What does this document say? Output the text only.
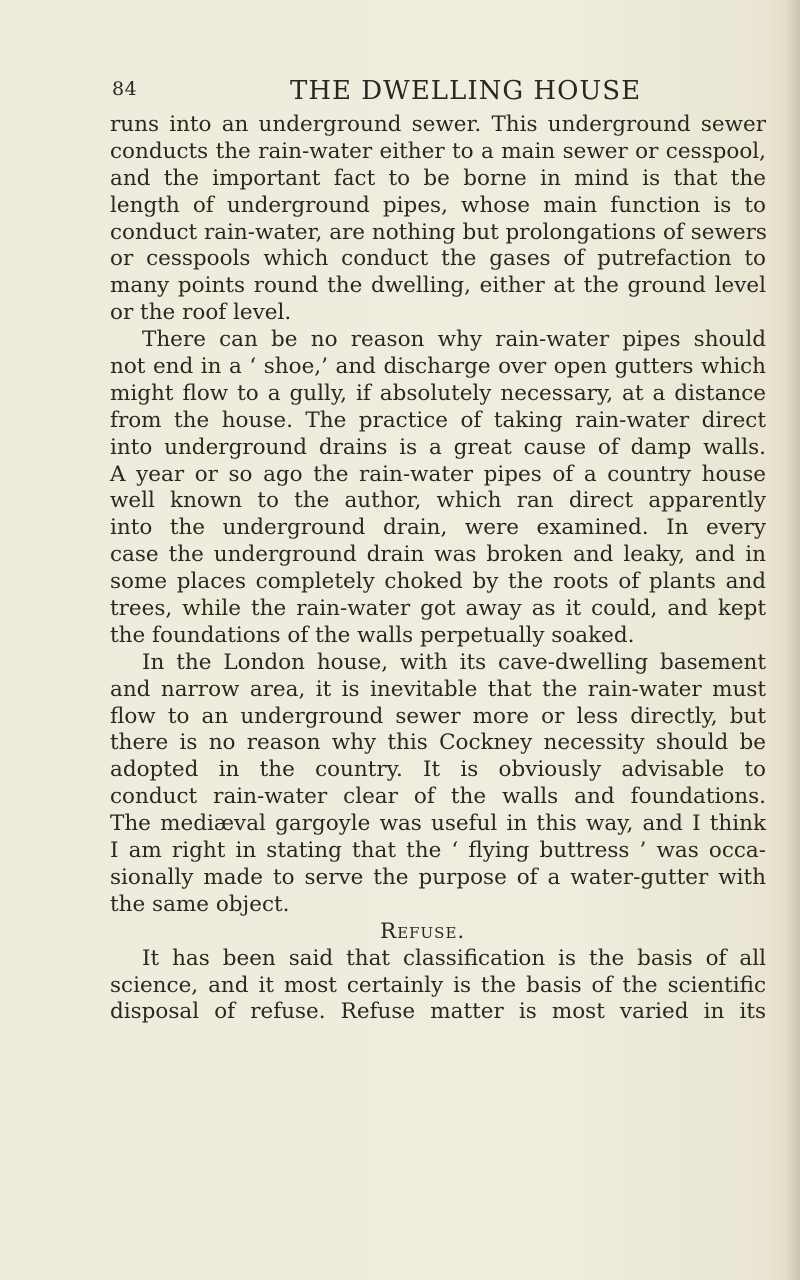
84	THE DWELLING HOUSE
runs into an underground sewer. This underground sewer
conducts the rain-water either to a main sewer or cesspool,
and the important fact to be borne in mind is that the
length of underground pipes, whose main function is to
conduct rain-water, are nothing but prolongations of sewers
or cesspools which conduct the gases of putrefaction to
many points round the dwelling, either at the ground level
or the roof level.
There can be no reason why rain-water pipes should
not end in a ‘ shoe,’ and discharge over open gutters which
might flow to a gully, if absolutely necessary, at a distance
from the house. The practice of taking rain-water direct
into underground drains is a great cause of damp walls.
A year or so ago the rain-water pipes of a country house
well known to the author, which ran direct apparently
into the underground drain, were examined. In every
case the underground drain was broken and leaky, and in
some places completely choked by the roots of plants and
trees, while the rain-water got away as it could, and kept
the foundations of the walls perpetually soaked.
In the London house, with its cave-dwelling basement
and narrow area, it is inevitable that the rain-water must
flow to an underground sewer more or less directly, but
there is no reason why this Cockney necessity should be
adopted in the country. It is obviously advisable to
conduct rain-water clear of the walls and foundations.
The mediæval gargoyle was useful in this way, and I think
I am right in stating that the ‘ flying buttress ’ was occa-
sionally made to serve the purpose of a water-gutter with
the same object.
Refuse.
It has been said that classification is the basis of all
science, and it most certainly is the basis of the scientific
disposal of refuse. Refuse matter is most varied in its
